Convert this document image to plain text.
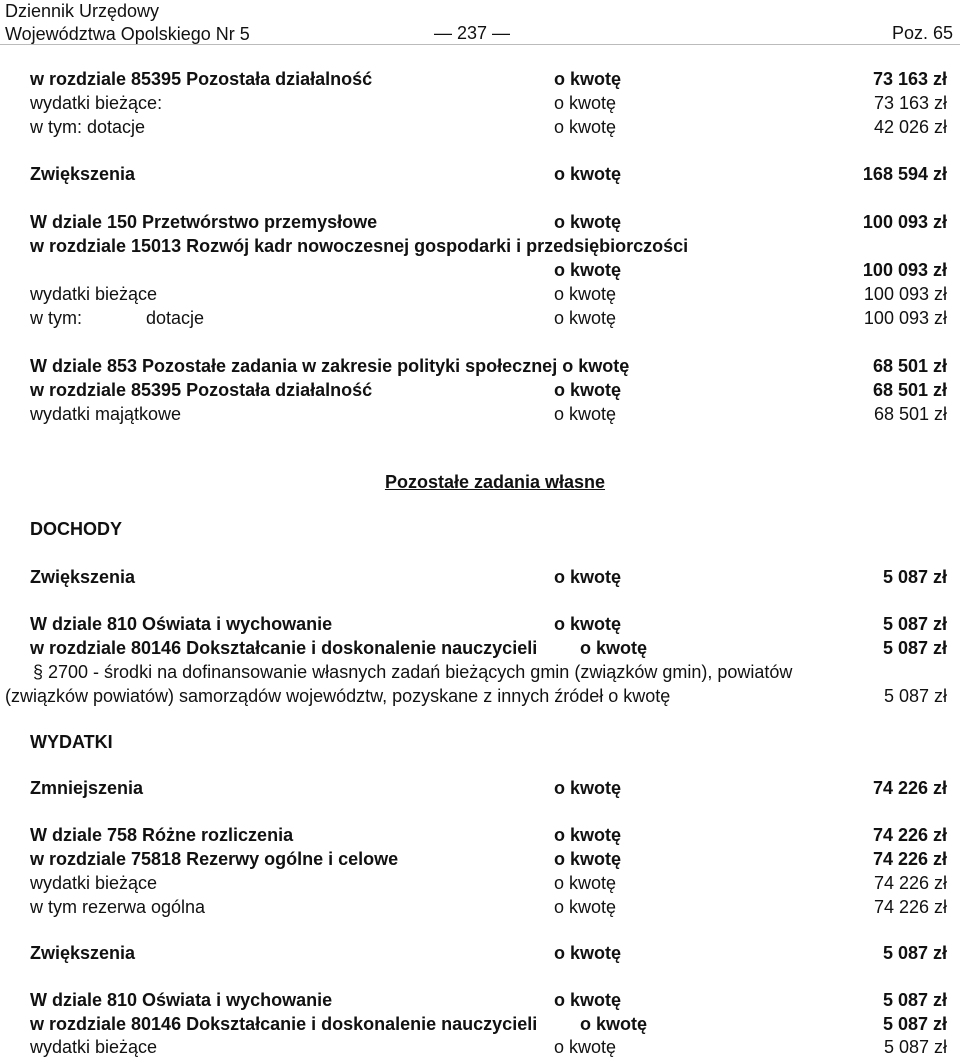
Dziennik Urzędowy
Województwa Opolskiego Nr 5	— 237 —	Poz. 65
w rozdziale 85395 Pozostała działalność	o kwotę	73 163 zł
wydatki bieżące:	o kwotę	73 163 zł
w tym: dotacje	o kwotę	42 026 zł
Zwiększenia	o kwotę	168 594 zł
W dziale 150 Przetwórstwo przemysłowe	o kwotę	100 093 zł
w rozdziale 15013 Rozwój kadr nowoczesnej gospodarki i przedsiębiorczości
o kwotę	100 093 zł
wydatki bieżące	o kwotę	100 093 zł
w tym:	dotacje	o kwotę	100 093 zł
W dziale 853 Pozostałe zadania w zakresie polityki społecznej o kwotę	68 501 zł
w rozdziale 85395 Pozostała działalność	o kwotę	68 501 zł
wydatki majątkowe	o kwotę	68 501 zł
Pozostałe zadania własne
DOCHODY
Zwiększenia	o kwotę	5 087 zł
W dziale 810 Oświata i wychowanie	o kwotę	5 087 zł
w rozdziale 80146 Dokształcanie i doskonalenie nauczycieli o kwotę	5 087 zł
§ 2700 - środki na dofinansowanie własnych zadań bieżących gmin (związków gmin), powiatów
(związków powiatów) samorządów województw, pozyskane z innych źródeł o kwotę	5 087 zł
WYDATKI
Zmniejszenia	o kwotę	74 226 zł
W dziale 758 Różne rozliczenia	o kwotę	74 226 zł
w rozdziale 75818 Rezerwy ogólne i celowe	o kwotę	74 226 zł
wydatki bieżące	o kwotę	74 226 zł
w tym rezerwa ogólna	o kwotę	74 226 zł
Zwiększenia	o kwotę	5 087 zł
W dziale 810 Oświata i wychowanie	o kwotę	5 087 zł
w rozdziale 80146 Dokształcanie i doskonalenie nauczycieli o kwotę	5 087 zł
wydatki bieżące	o kwotę	5 087 zł
